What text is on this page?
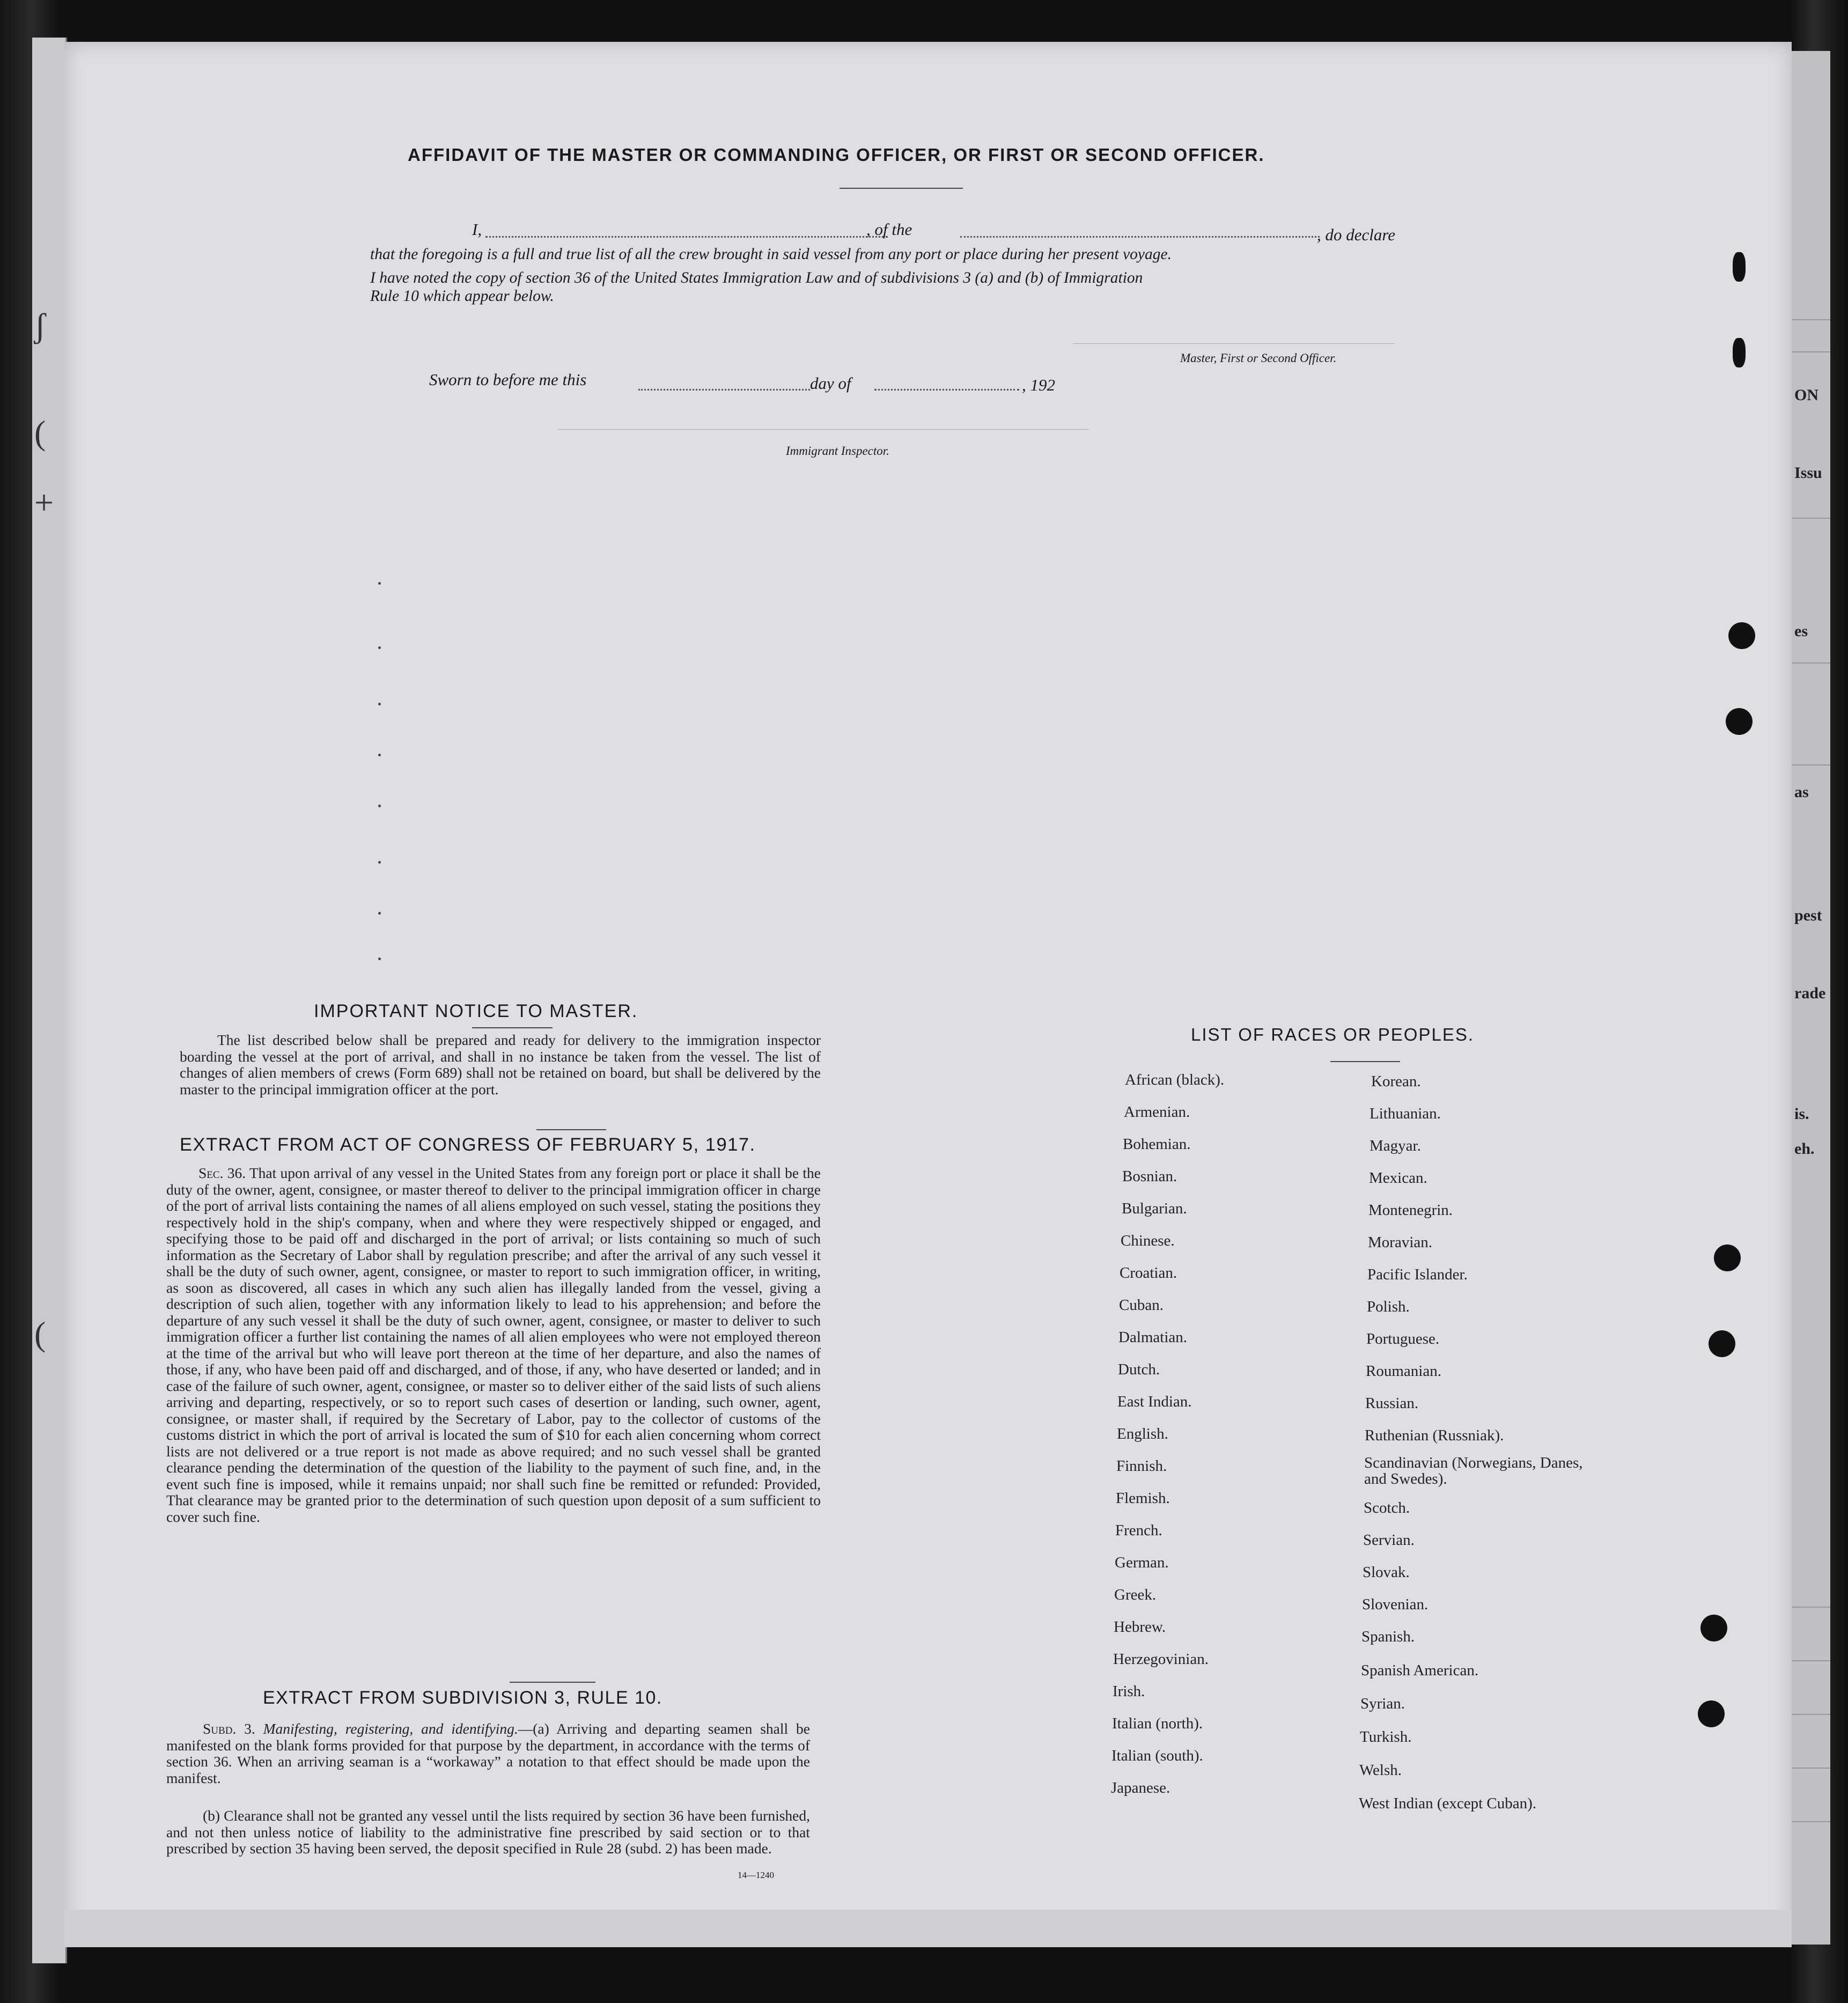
ON
Issu
es
as
pest
rade
is.
eh.
ʃ
(
+
(
AFFIDAVIT OF THE MASTER OR COMMANDING OFFICER, OR FIRST OR SECOND OFFICER.
I,	, of the	, do declare
that the foregoing is a full and true list of all the crew brought in said vessel from any port or place during her present voyage.
I have noted the copy of section 36 of the United States Immigration Law and of subdivisions 3 (a) and (b) of Immigration
Rule 10 which appear below.
Master, First or Second Officer.
Sworn to before me this	day of	, 192
Immigrant Inspector.
IMPORTANT NOTICE TO MASTER.
The list described below shall be prepared and ready for delivery to the immigration inspector boarding the vessel at the port of arrival, and shall in no instance be taken from the vessel. The list of changes of alien members of crews (Form 689) shall not be retained on board, but shall be delivered by the master to the principal immigration officer at the port.
EXTRACT FROM ACT OF CONGRESS OF FEBRUARY 5, 1917.
Sec. 36. That upon arrival of any vessel in the United States from any foreign port or place it shall be the duty of the owner, agent, consignee, or master thereof to deliver to the principal immigration officer in charge of the port of arrival lists containing the names of all aliens employed on such vessel, stating the positions they respectively hold in the ship's company, when and where they were respectively shipped or engaged, and specifying those to be paid off and discharged in the port of arrival; or lists containing so much of such information as the Secretary of Labor shall by regulation prescribe; and after the arrival of any such vessel it shall be the duty of such owner, agent, consignee, or master to report to such immigration officer, in writing, as soon as discovered, all cases in which any such alien has illegally landed from the vessel, giving a description of such alien, together with any information likely to lead to his apprehension; and before the departure of any such vessel it shall be the duty of such owner, agent, consignee, or master to deliver to such immigration officer a further list containing the names of all alien employees who were not employed thereon at the time of the arrival but who will leave port thereon at the time of her departure, and also the names of those, if any, who have been paid off and discharged, and of those, if any, who have deserted or landed; and in case of the failure of such owner, agent, consignee, or master so to deliver either of the said lists of such aliens arriving and departing, respectively, or so to report such cases of desertion or landing, such owner, agent, consignee, or master shall, if required by the Secretary of Labor, pay to the collector of customs of the customs district in which the port of arrival is located the sum of $10 for each alien concerning whom correct lists are not delivered or a true report is not made as above required; and no such vessel shall be granted clearance pending the determination of the question of the liability to the payment of such fine, and, in the event such fine is imposed, while it remains unpaid; nor shall such fine be remitted or refunded: Provided, That clearance may be granted prior to the determination of such question upon deposit of a sum sufficient to cover such fine.
EXTRACT FROM SUBDIVISION 3, RULE 10.
Subd. 3. Manifesting, registering, and identifying.—(a) Arriving and departing seamen shall be manifested on the blank forms provided for that purpose by the department, in accordance with the terms of section 36. When an arriving seaman is a “workaway” a notation to that effect should be made upon the manifest.
(b) Clearance shall not be granted any vessel until the lists required by section 36 have been furnished, and not then unless notice of liability to the administrative fine prescribed by said section or to that prescribed by section 35 having been served, the deposit specified in Rule 28 (subd. 2) has been made.
14—1240
LIST OF RACES OR PEOPLES.
African (black).
Armenian.
Bohemian.
Bosnian.
Bulgarian.
Chinese.
Croatian.
Cuban.
Dalmatian.
Dutch.
East Indian.
English.
Finnish.
Flemish.
French.
German.
Greek.
Hebrew.
Herzegovinian.
Irish.
Italian (north).
Italian (south).
Japanese.
Korean.
Lithuanian.
Magyar.
Mexican.
Montenegrin.
Moravian.
Pacific Islander.
Polish.
Portuguese.
Roumanian.
Russian.
Ruthenian (Russniak).
Scandinavian (Norwegians, Danes, and Swedes).
Scotch.
Servian.
Slovak.
Slovenian.
Spanish.
Spanish American.
Syrian.
Turkish.
Welsh.
West Indian (except Cuban).
